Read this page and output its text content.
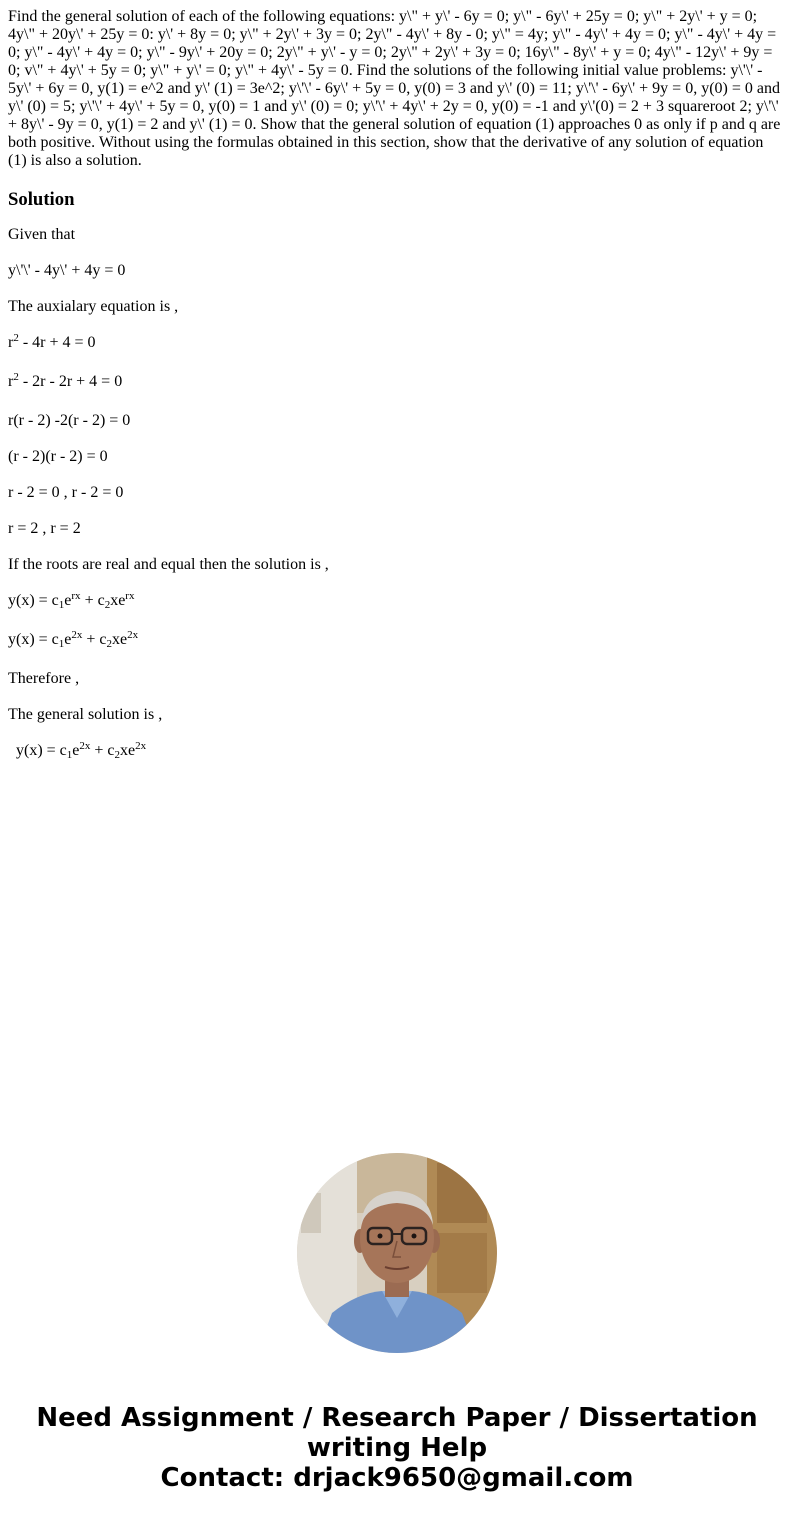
Find the general solution of each of the following equations: y\" + y\' - 6y = 0; y\" - 6y\' + 25y = 0; y\" + 2y\' + y = 0; 4y\" + 20y\' + 25y = 0: y\' + 8y = 0; y\" + 2y\' + 3y = 0; 2y\" - 4y\' + 8y - 0; y\" = 4y; y\" - 4y\' + 4y = 0; y\" - 4y\' + 4y = 0; y\" - 4y\' + 4y = 0; y\" - 9y\' + 20y = 0; 2y\" + y\' - y = 0; 2y\" + 2y\' + 3y = 0; 16y\" - 8y\' + y = 0; 4y\" - 12y\' + 9y = 0; v\" + 4y\' + 5y = 0; y\" + y\' = 0; y\" + 4y\' - 5y = 0. Find the solutions of the following initial value problems: y\'\' - 5y\' + 6y = 0, y(1) = e^2 and y\' (1) = 3e^2; y\'\' - 6y\' + 5y = 0, y(0) = 3 and y\' (0) = 11; y\'\' - 6y\' + 9y = 0, y(0) = 0 and y\' (0) = 5; y\'\' + 4y\' + 5y = 0, y(0) = 1 and y\' (0) = 0; y\'\' + 4y\' + 2y = 0, y(0) = -1 and y\'(0) = 2 + 3 squareroot 2; y\'\' + 8y\' - 9y = 0, y(1) = 2 and y\' (1) = 0. Show that the general solution of equation (1) approaches 0 as only if p and q are both positive. Without using the formulas obtained in this section, show that the derivative of any solution of equation (1) is also a solution.

Solution

Given that

y\'\' - 4y\' + 4y = 0

The auxialary equation is ,

$r^2 - 4r + 4 = 0$

$r^2 - 2r - 2r + 4 = 0$

r(r - 2) -2(r - 2) = 0

(r - 2)(r - 2) = 0

r - 2 = 0 , r - 2 = 0

r = 2 , r = 2

If the roots are real and equal then the solution is ,

$y(x) = c_1e^{rx} + c_2xe^{rx}$

$y(x) = c_1e^{2x} + c_2xe^{2x}$

Therefore ,

The general solution is ,

$y(x) = c_1e^{2x} + c_2xe^{2x}$

Need Assignment / Research Paper / Dissertation
writing Help
Contact: drjack9650@gmail.com
